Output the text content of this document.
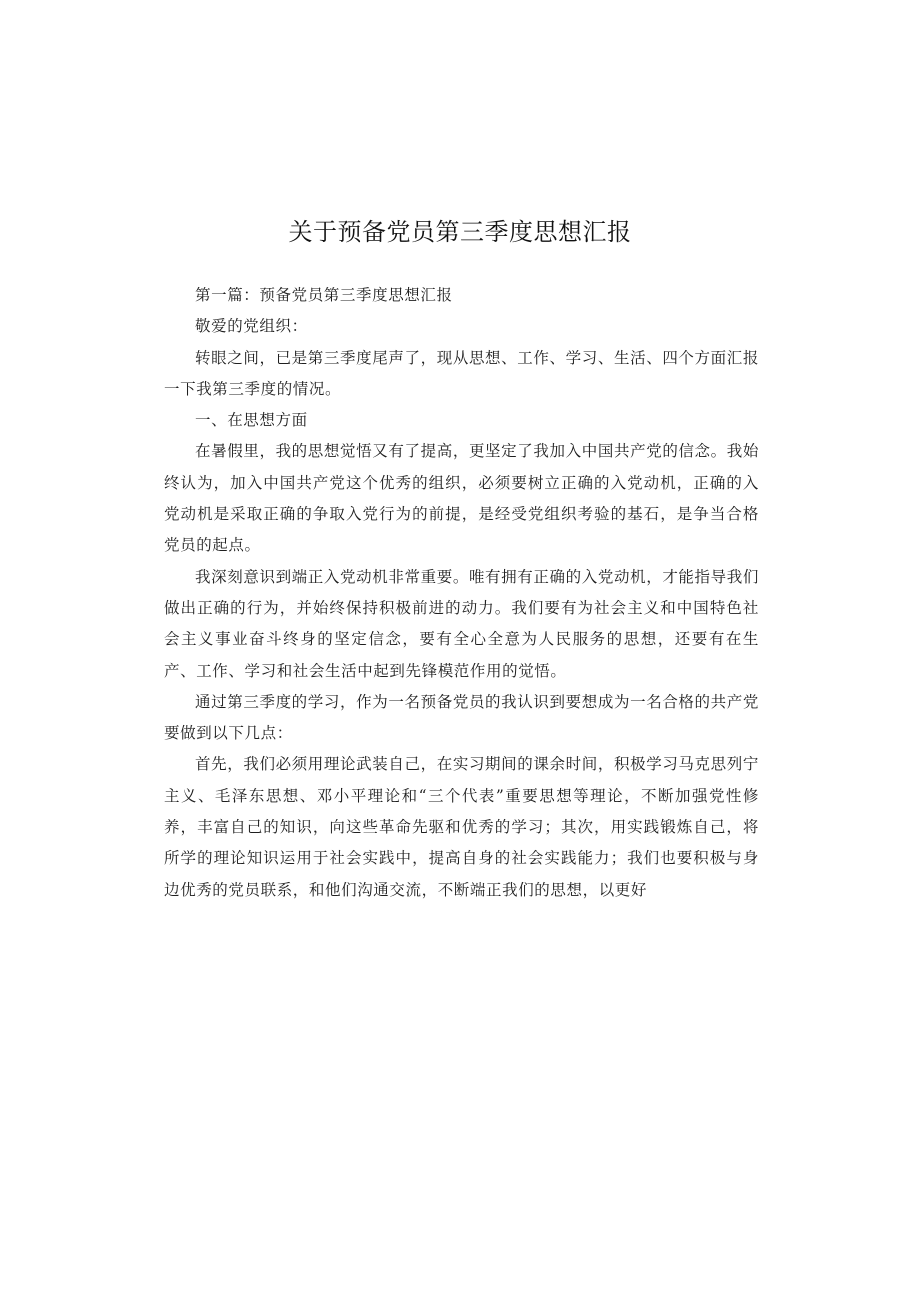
关于预备党员第三季度思想汇报

第一篇：预备党员第三季度思想汇报

敬爱的党组织：

转眼之间，已是第三季度尾声了，现从思想、工作、学习、生活、四个方面汇报一下我第三季度的情况。

一、在思想方面

在暑假里，我的思想觉悟又有了提高，更坚定了我加入中国共产党的信念。我始终认为，加入中国共产党这个优秀的组织，必须要树立正确的入党动机，正确的入党动机是采取正确的争取入党行为的前提，是经受党组织考验的基石，是争当合格党员的起点。

我深刻意识到端正入党动机非常重要。唯有拥有正确的入党动机，才能指导我们做出正确的行为，并始终保持积极前进的动力。我们要有为社会主义和中国特色社会主义事业奋斗终身的坚定信念，要有全心全意为人民服务的思想，还要有在生产、工作、学习和社会生活中起到先锋模范作用的觉悟。

通过第三季度的学习，作为一名预备党员的我认识到要想成为一名合格的共产党要做到以下几点：

首先，我们必须用理论武装自己，在实习期间的课余时间，积极学习马克思列宁主义、毛泽东思想、邓小平理论和“三个代表”重要思想等理论，不断加强党性修养，丰富自己的知识，向这些革命先驱和优秀的学习；其次，用实践锻炼自己，将所学的理论知识运用于社会实践中，提高自身的社会实践能力；我们也要积极与身边优秀的党员联系，和他们沟通交流，不断端正我们的思想，以更好
